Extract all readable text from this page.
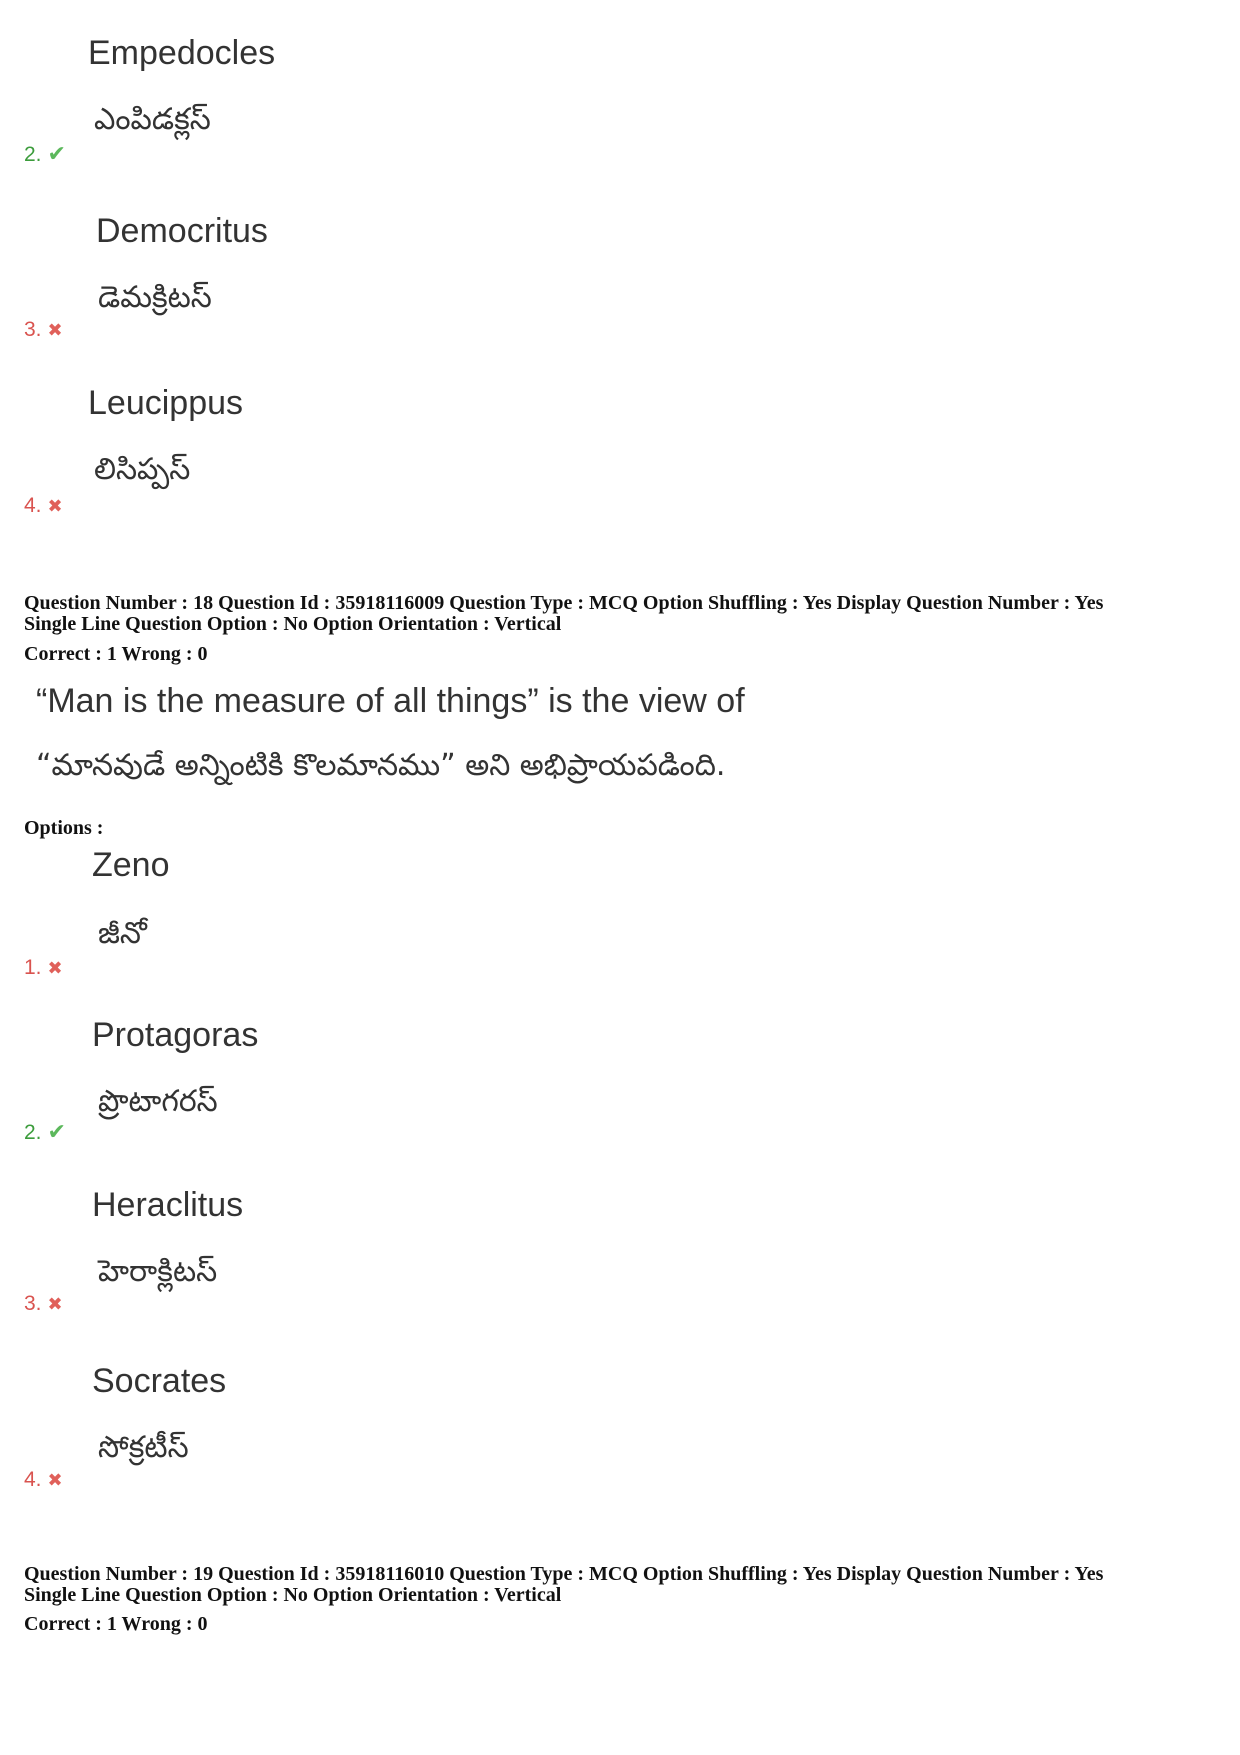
Empedocles
ఎంపిడక్లస్
2. ✔
Democritus
డెమక్రిటస్
3. ✖
Leucippus
లిసిప్పస్
4. ✖
Question Number : 18 Question Id : 35918116009 Question Type : MCQ Option Shuffling : Yes Display Question Number : Yes
Single Line Question Option : No Option Orientation : Vertical
Correct : 1 Wrong : 0
“Man is the measure of all things” is the view of
“మానవుడే అన్నింటికి కొలమానము” అని అభిప్రాయపడింది.
Options :
Zeno
జీనో
1. ✖
Protagoras
ప్రొటాగరస్
2. ✔
Heraclitus
హెరాక్లిటస్
3. ✖
Socrates
సోక్రటీస్
4. ✖
Question Number : 19 Question Id : 35918116010 Question Type : MCQ Option Shuffling : Yes Display Question Number : Yes
Single Line Question Option : No Option Orientation : Vertical
Correct : 1 Wrong : 0
